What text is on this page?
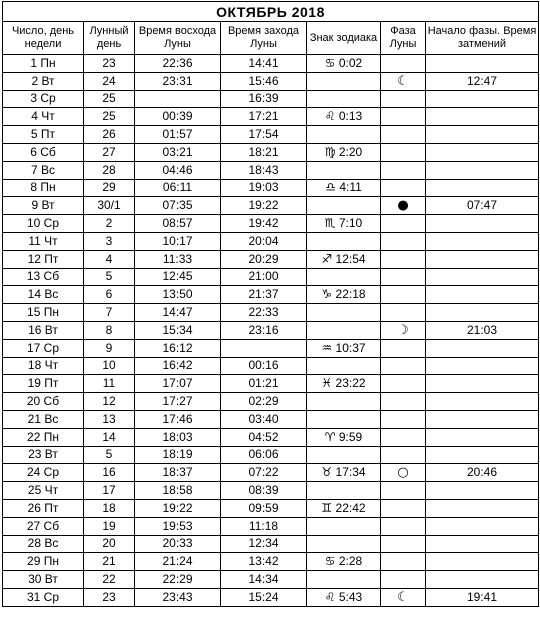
ОКТЯБРЬ 2018						
Число, день недели	Лунный день	Время восхода Луны	Время захода Луны	Знак зодиака	Фаза Луны	Начало фазы. Время затмений
1 Пн	23	22:36	14:41	♋ 0:02		
2 Вт	24	23:31	15:46		☾	12:47
3 Ср	25		16:39			
4 Чт	25	00:39	17:21	♌ 0:13		
5 Пт	26	01:57	17:54			
6 Сб	27	03:21	18:21	♍ 2:20		
7 Вс	28	04:46	18:43			
8 Пн	29	06:11	19:03	♎ 4:11		
9 Вт	30/1	07:35	19:22		●	07:47
10 Ср	2	08:57	19:42	♏ 7:10		
11 Чт	3	10:17	20:04			
12 Пт	4	11:33	20:29	♐ 12:54		
13 Сб	5	12:45	21:00			
14 Вс	6	13:50	21:37	♑ 22:18		
15 Пн	7	14:47	22:33			
16 Вт	8	15:34	23:16		☽	21:03
17 Ср	9	16:12		♒ 10:37		
18 Чт	10	16:42	00:16			
19 Пт	11	17:07	01:21	♓ 23:22		
20 Сб	12	17:27	02:29			
21 Вс	13	17:46	03:40			
22 Пн	14	18:03	04:52	♈ 9:59		
23 Вт	5	18:19	06:06			
24 Ср	16	18:37	07:22	♉ 17:34	○	20:46
25 Чт	17	18:58	08:39			
26 Пт	18	19:22	09:59	♊ 22:42		
27 Сб	19	19:53	11:18			
28 Вс	20	20:33	12:34			
29 Пн	21	21:24	13:42	♋ 2:28		
30 Вт	22	22:29	14:34			
31 Ср	23	23:43	15:24	♌ 5:43	☾	19:41
